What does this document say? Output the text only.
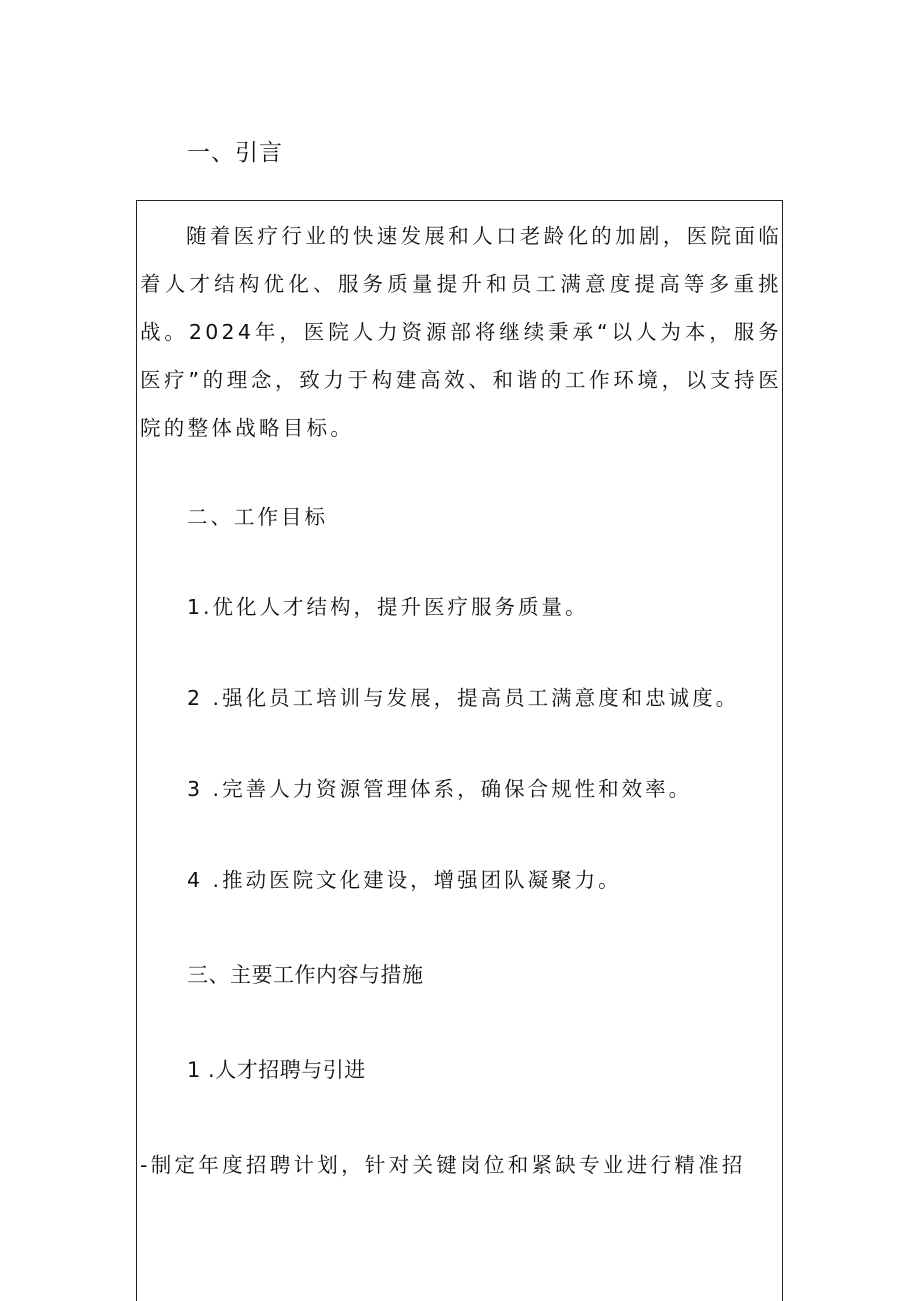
一、引言

随着医疗行业的快速发展和人口老龄化的加剧，医院面临着人才结构优化、服务质量提升和员工满意度提高等多重挑战。2024年，医院人力资源部将继续秉承“以人为本，服务医疗”的理念，致力于构建高效、和谐的工作环境，以支持医院的整体战略目标。

二、工作目标

1.优化人才结构，提升医疗服务质量。

2 .强化员工培训与发展，提高员工满意度和忠诚度。

3 .完善人力资源管理体系，确保合规性和效率。

4 .推动医院文化建设，增强团队凝聚力。

三、主要工作内容与措施
1 .人才招聘与引进

-制定年度招聘计划，针对关键岗位和紧缺专业进行精准招
